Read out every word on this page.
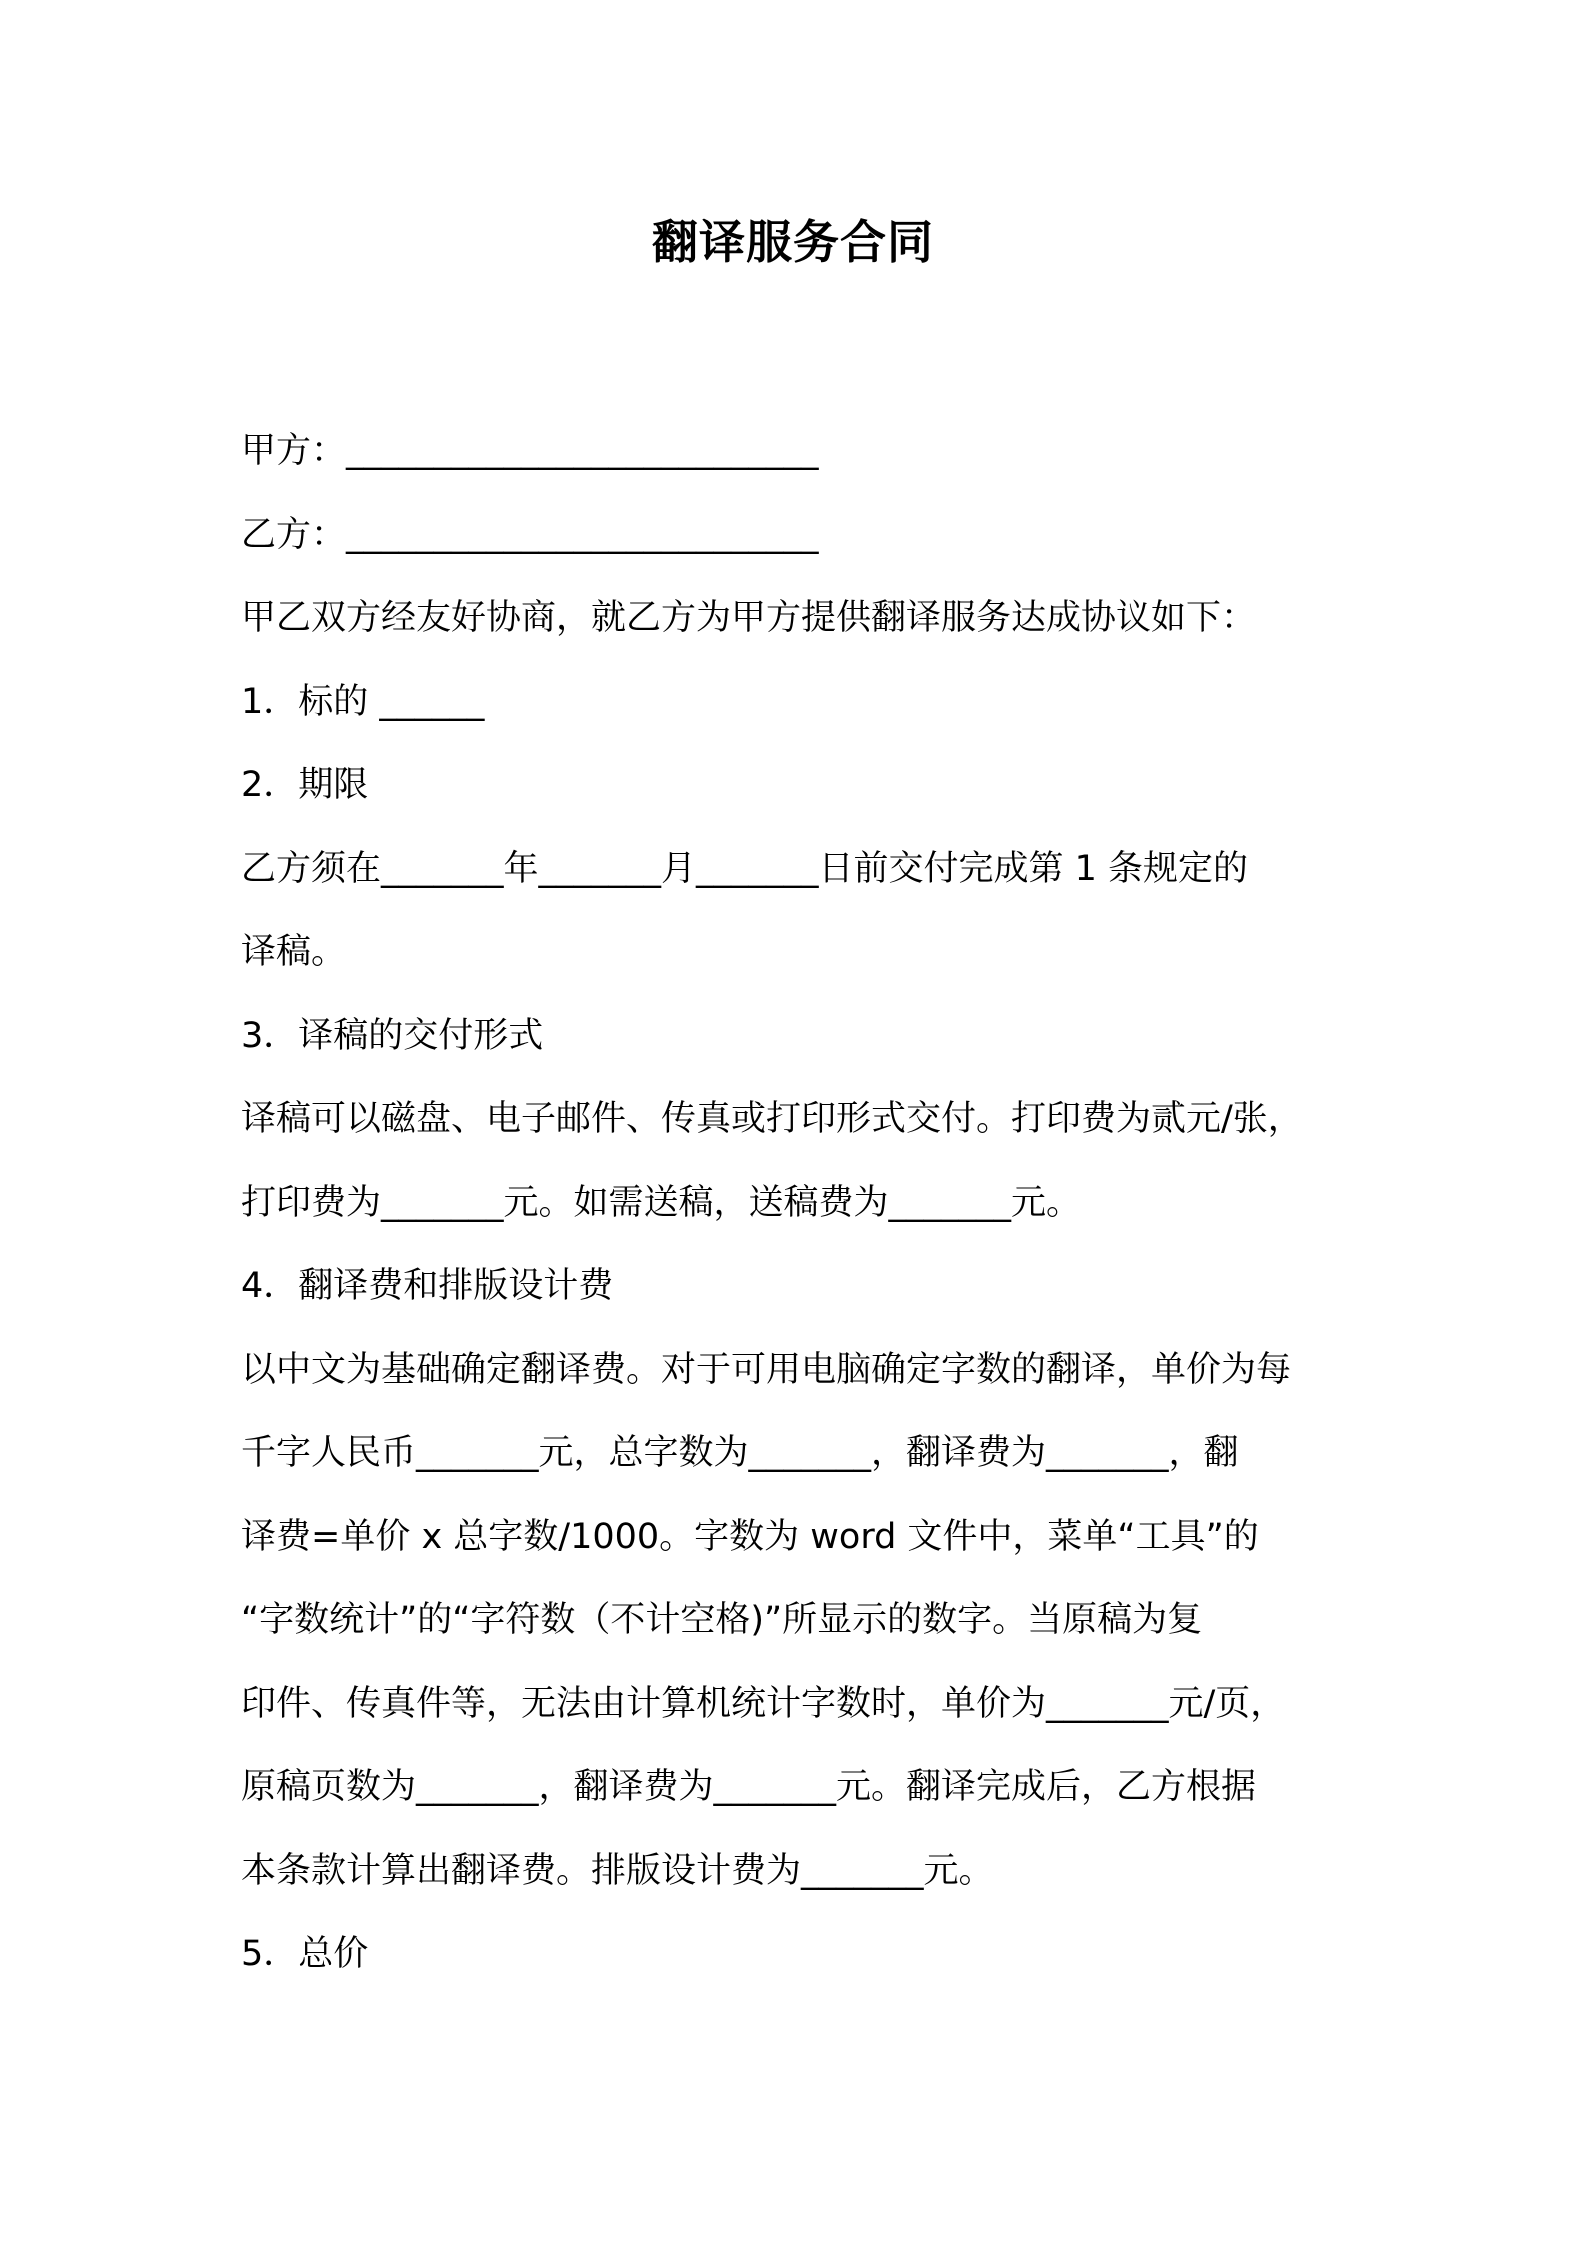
翻译服务合同
甲方：___________________________
乙方：___________________________
甲乙双方经友好协商，就乙方为甲方提供翻译服务达成协议如下：
1．标的 ______
2．期限
乙方须在_______年_______月_______日前交付完成第 1 条规定的
译稿。
3．译稿的交付形式
译稿可以磁盘、电子邮件、传真或打印形式交付。打印费为贰元/张，
打印费为_______元。如需送稿，送稿费为_______元。
4．翻译费和排版设计费
以中文为基础确定翻译费。对于可用电脑确定字数的翻译，单价为每
千字人民币_______元，总字数为_______，翻译费为_______，翻
译费=单价 x 总字数/1000。字数为 word 文件中，菜单“工具”的
“字数统计”的“字符数（不计空格)”所显示的数字。当原稿为复
印件、传真件等，无法由计算机统计字数时，单价为_______元/页，
原稿页数为_______，翻译费为_______元。翻译完成后，乙方根据
本条款计算出翻译费。排版设计费为_______元。
5．总价
